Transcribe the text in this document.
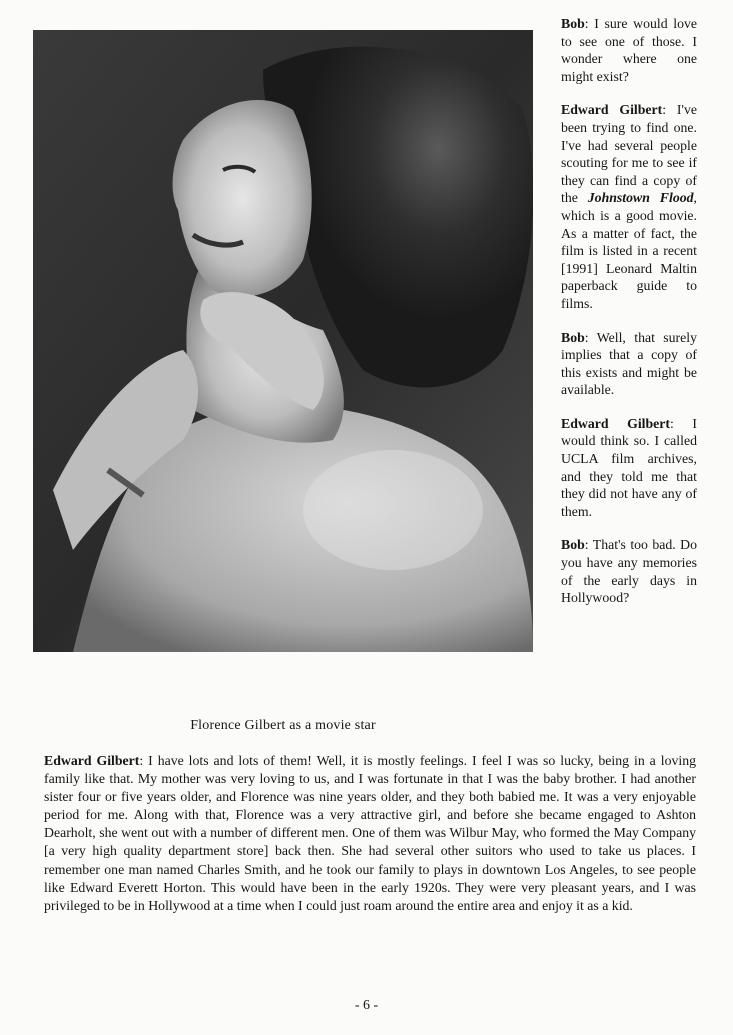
Florence Gilbert as a movie star

Bob: I sure would love to see one of those. I wonder where one might exist?

Edward Gilbert: I've been trying to find one. I've had several people scouting for me to see if they can find a copy of the Johnstown Flood, which is a good movie. As a matter of fact, the film is listed in a recent [1991] Leonard Maltin paperback guide to films.

Bob: Well, that surely implies that a copy of this exists and might be available.

Edward Gilbert: I would think so. I called UCLA film archives, and they told me that they did not have any of them.

Bob: That's too bad. Do you have any memories of the early days in Hollywood?

Edward Gilbert: I have lots and lots of them! Well, it is mostly feelings. I feel I was so lucky, being in a loving family like that. My mother was very loving to us, and I was fortunate in that I was the baby brother. I had another sister four or five years older, and Florence was nine years older, and they both babied me. It was a very enjoyable period for me. Along with that, Florence was a very attractive girl, and before she became engaged to Ashton Dearholt, she went out with a number of different men. One of them was Wilbur May, who formed the May Company [a very high quality department store] back then. She had several other suitors who used to take us places. I remember one man named Charles Smith, and he took our family to plays in downtown Los Angeles, to see people like Edward Everett Horton. This would have been in the early 1920s. They were very pleasant years, and I was privileged to be in Hollywood at a time when I could just roam around the entire area and enjoy it as a kid.

- 6 -
